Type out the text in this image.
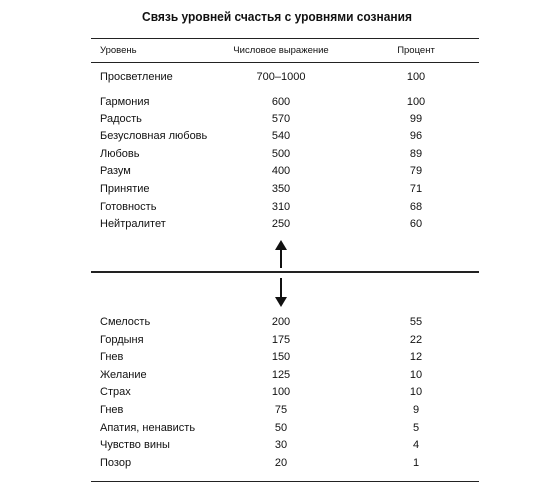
Связь уровней счастья с уровнями сознания
Уровень	Числовое выражение	Процент
Просветление	700–1000	100
Гармония	600	100
Радость	570	99
Безусловная любовь	540	96
Любовь	500	89
Разум	400	79
Принятие	350	71
Готовность	310	68
Нейтралитет	250	60
Смелость	200	55
Гордыня	175	22
Гнев	150	12
Желание	125	10
Страх	100	10
Гнев	75	9
Апатия, ненависть	50	5
Чувство вины	30	4
Позор	20	1
